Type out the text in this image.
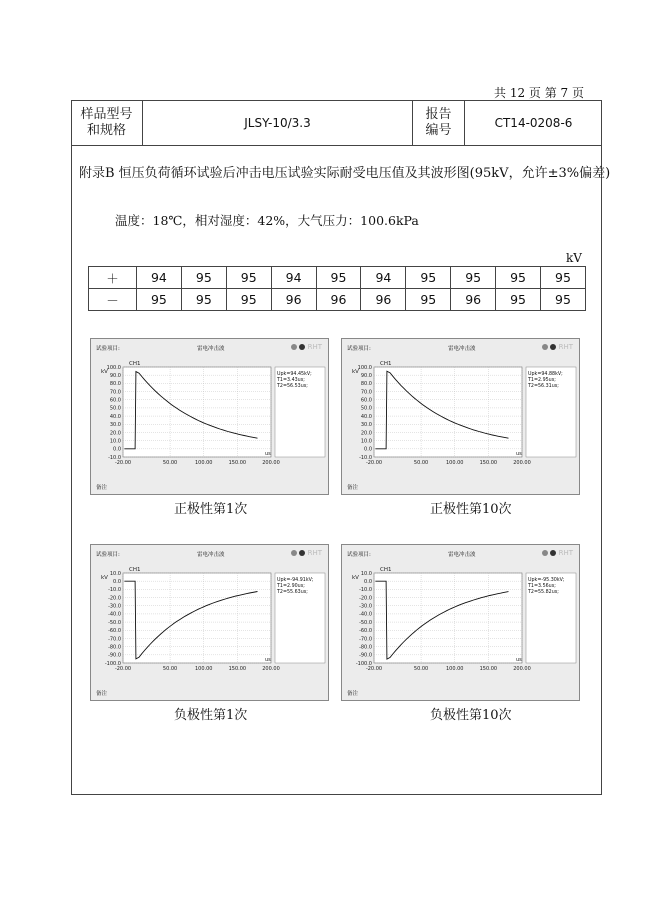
共 12 页 第 7 页
样品型号
和规格	JLSY-10/3.3
报告
编号	CT14-0208-6
附录B 恒压负荷循环试验后冲击电压试验实际耐受电压值及其波形图(95kV，允许±3%偏差)
温度：18℃，相对湿度：42%，大气压力：100.6kPa
kV
＋	94	95	95	94	95	94	95	95	95	95
－	95	95	95	96	96	96	95	96	95	95
试验项目:	雷电冲击波	RHT
100.0
90.0
80.0
70.0
60.0
50.0
40.0
30.0
20.0
10.0
0.0
-10.0
-20.00	50.00	100.00	150.00	200.00
kV
us
CH1
Upk=94.45kV;
T1=3.43us;
T2=56.53us;
备注
正极性第1次
试验项目:	雷电冲击波	RHT
100.0
90.0
80.0
70.0
60.0
50.0
40.0
30.0
20.0
10.0
0.0
-10.0
-20.00	50.00	100.00	150.00	200.00
kV
us
CH1
Upk=94.88kV;
T1=2.95us;
T2=56.31us;
备注
正极性第10次
试验项目:	雷电冲击波	RHT
10.0
0.0
-10.0
-20.0
-30.0
-40.0
-50.0
-60.0
-70.0
-80.0
-90.0
-100.0
-20.00	50.00	100.00	150.00	200.00
kV
us
CH1
Upk=-94.91kV;
T1=2.90us;
T2=55.63us;
备注
负极性第1次
试验项目:	雷电冲击波	RHT
10.0
0.0
-10.0
-20.0
-30.0
-40.0
-50.0
-60.0
-70.0
-80.0
-90.0
-100.0
-20.00	50.00	100.00	150.00	200.00
kV
us
CH1
Upk=-95.30kV;
T1=3.56us;
T2=55.82us;
备注
负极性第10次
